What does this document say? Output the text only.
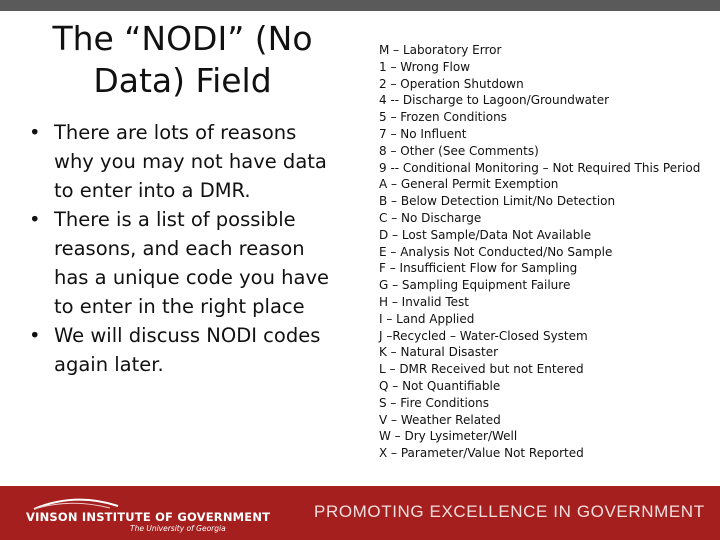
The “NODI” (No Data) Field
• There are lots of reasons why you may not have data to enter into a DMR.
• There is a list of possible reasons, and each reason has a unique code you have to enter in the right place
• We will discuss NODI codes again later.
M – Laboratory Error
1 – Wrong Flow
2 – Operation Shutdown
4 -- Discharge to Lagoon/Groundwater
5 – Frozen Conditions
7 – No Influent
8 – Other (See Comments)
9 -- Conditional Monitoring – Not Required This Period
A – General Permit Exemption
B – Below Detection Limit/No Detection
C – No Discharge
D – Lost Sample/Data Not Available
E – Analysis Not Conducted/No Sample
F – Insufficient Flow for Sampling
G – Sampling Equipment Failure
H – Invalid Test
I – Land Applied
J –Recycled – Water-Closed System
K – Natural Disaster
L – DMR Received but not Entered
Q – Not Quantifiable
S – Fire Conditions
V – Weather Related
W – Dry Lysimeter/Well
X – Parameter/Value Not Reported
VINSON INSTITUTE OF GOVERNMENT
The University of Georgia
PROMOTING EXCELLENCE IN GOVERNMENT
